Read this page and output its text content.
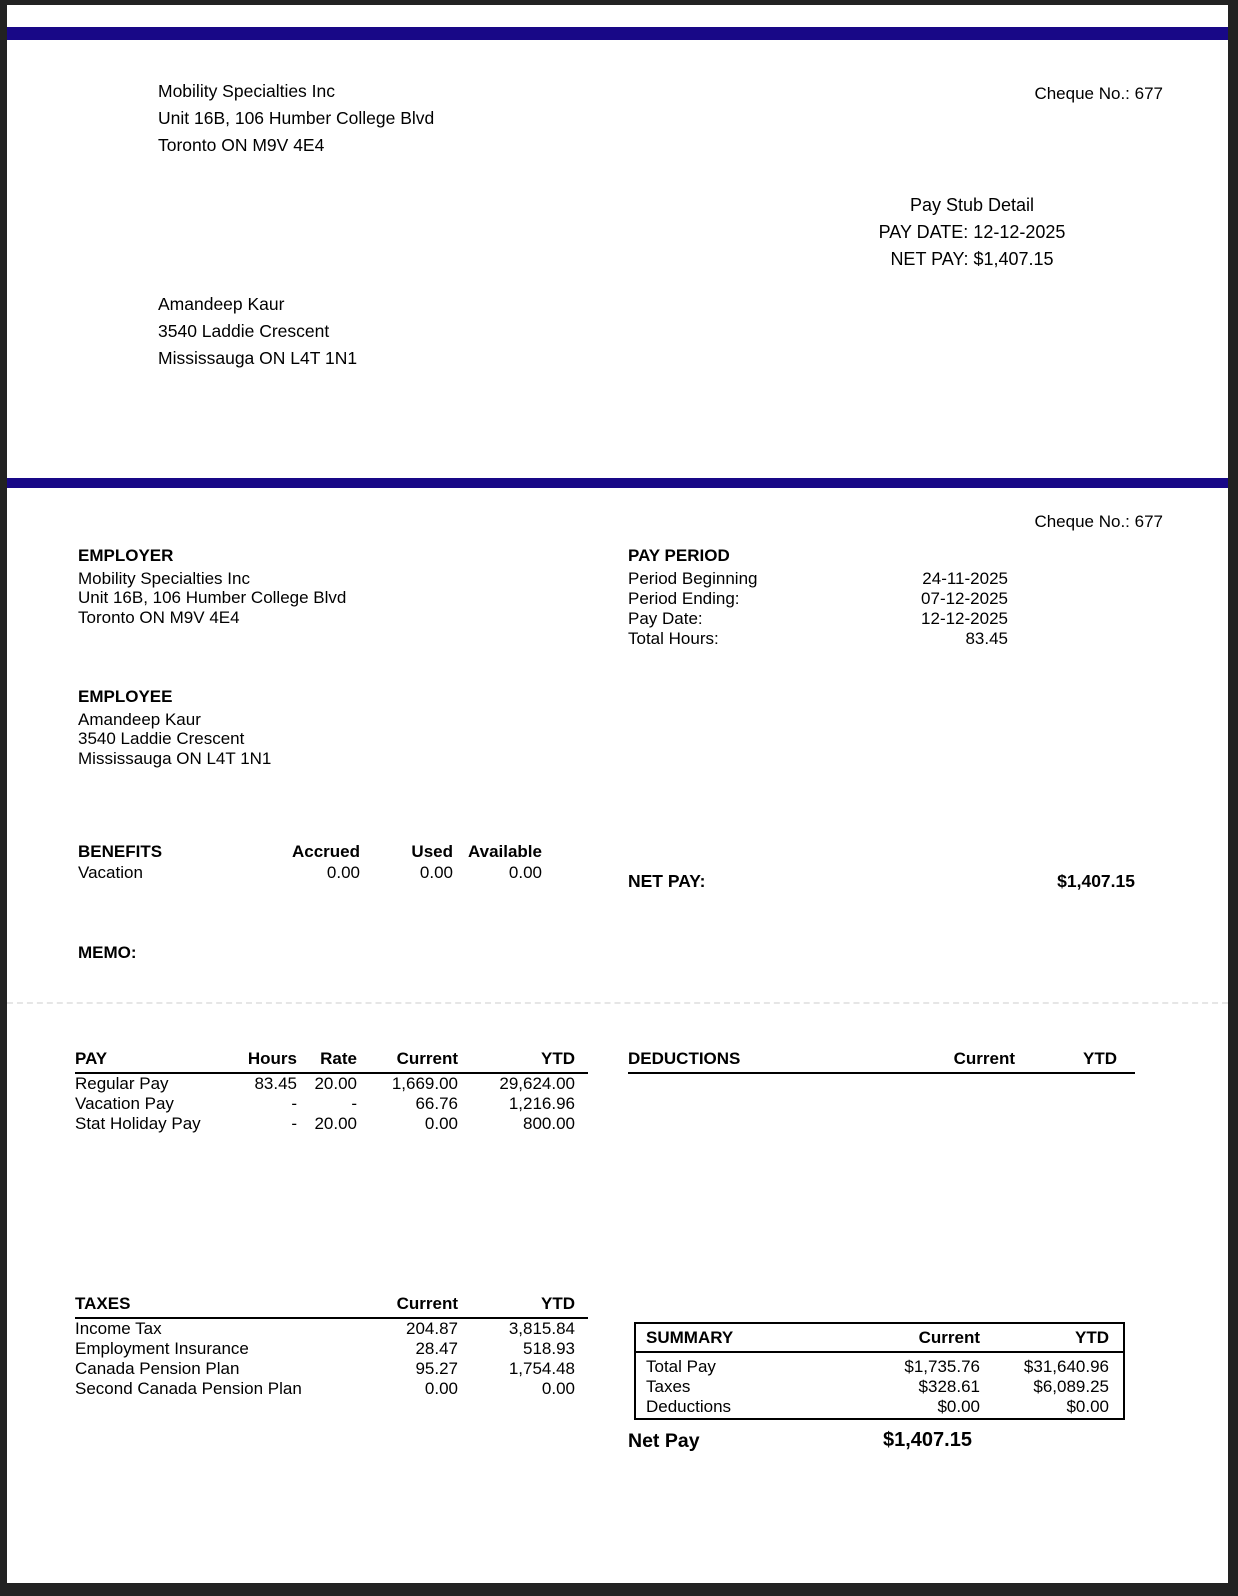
Mobility Specialties Inc
Unit 16B, 106 Humber College Blvd
Toronto ON M9V 4E4
Cheque No.: 677
Pay Stub Detail
PAY DATE: 12-12-2025
NET PAY: $1,407.15
Amandeep Kaur
3540 Laddie Crescent
Mississauga ON L4T 1N1
Cheque No.: 677
EMPLOYER
Mobility Specialties Inc
Unit 16B, 106 Humber College Blvd
Toronto ON M9V 4E4
PAY PERIOD
Period Beginning	24-11-2025
Period Ending:	07-12-2025
Pay Date:	12-12-2025
Total Hours:	83.45
EMPLOYEE
Amandeep Kaur
3540 Laddie Crescent
Mississauga ON L4T 1N1
BENEFITS	Accrued	Used Available
Vacation	0.00	0.00	0.00	NET PAY:	$1,407.15
MEMO:
PAY	Hours	Rate	Current	YTD
Regular Pay	83.45	20.00	1,669.00	29,624.00
Vacation Pay	-	-	66.76	1,216.96
Stat Holiday Pay	-	20.00	0.00	800.00
DEDUCTIONS	Current	YTD
TAXES	Current	YTD
Income Tax	204.87	3,815.84
Employment Insurance	28.47	518.93
Canada Pension Plan	95.27	1,754.48
Second Canada Pension Plan	0.00	0.00
SUMMARY	Current	YTD
Total Pay	$1,735.76	$31,640.96
Taxes	$328.61	$6,089.25
Deductions	$0.00	$0.00
Net Pay	$1,407.15
